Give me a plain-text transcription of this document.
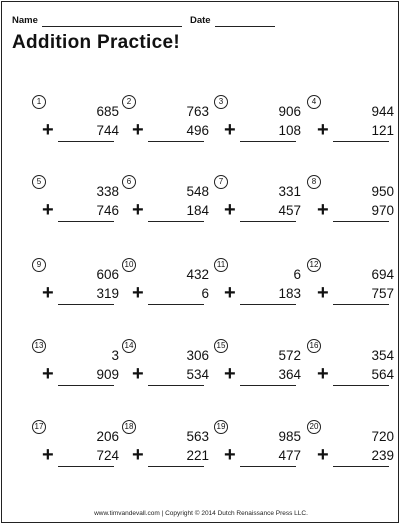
Name	Date
Addition Practice!
1
685
+	744
2
763
+	496
3
906
+	108
4
944
+	121
5
338
+	746
6
548
+	184
7
331
+	457
8
950
+	970
9
606
+	319
10
432
+	6
11
6
+	183
12
694
+	757
13
3
+	909
14
306
+	534
15
572
+	364
16
354
+	564
17
206
+	724
18
563
+	221
19
985
+	477
20
720
+	239
www.timvandevall.com | Copyright © 2014 Dutch Renaissance Press LLC.
